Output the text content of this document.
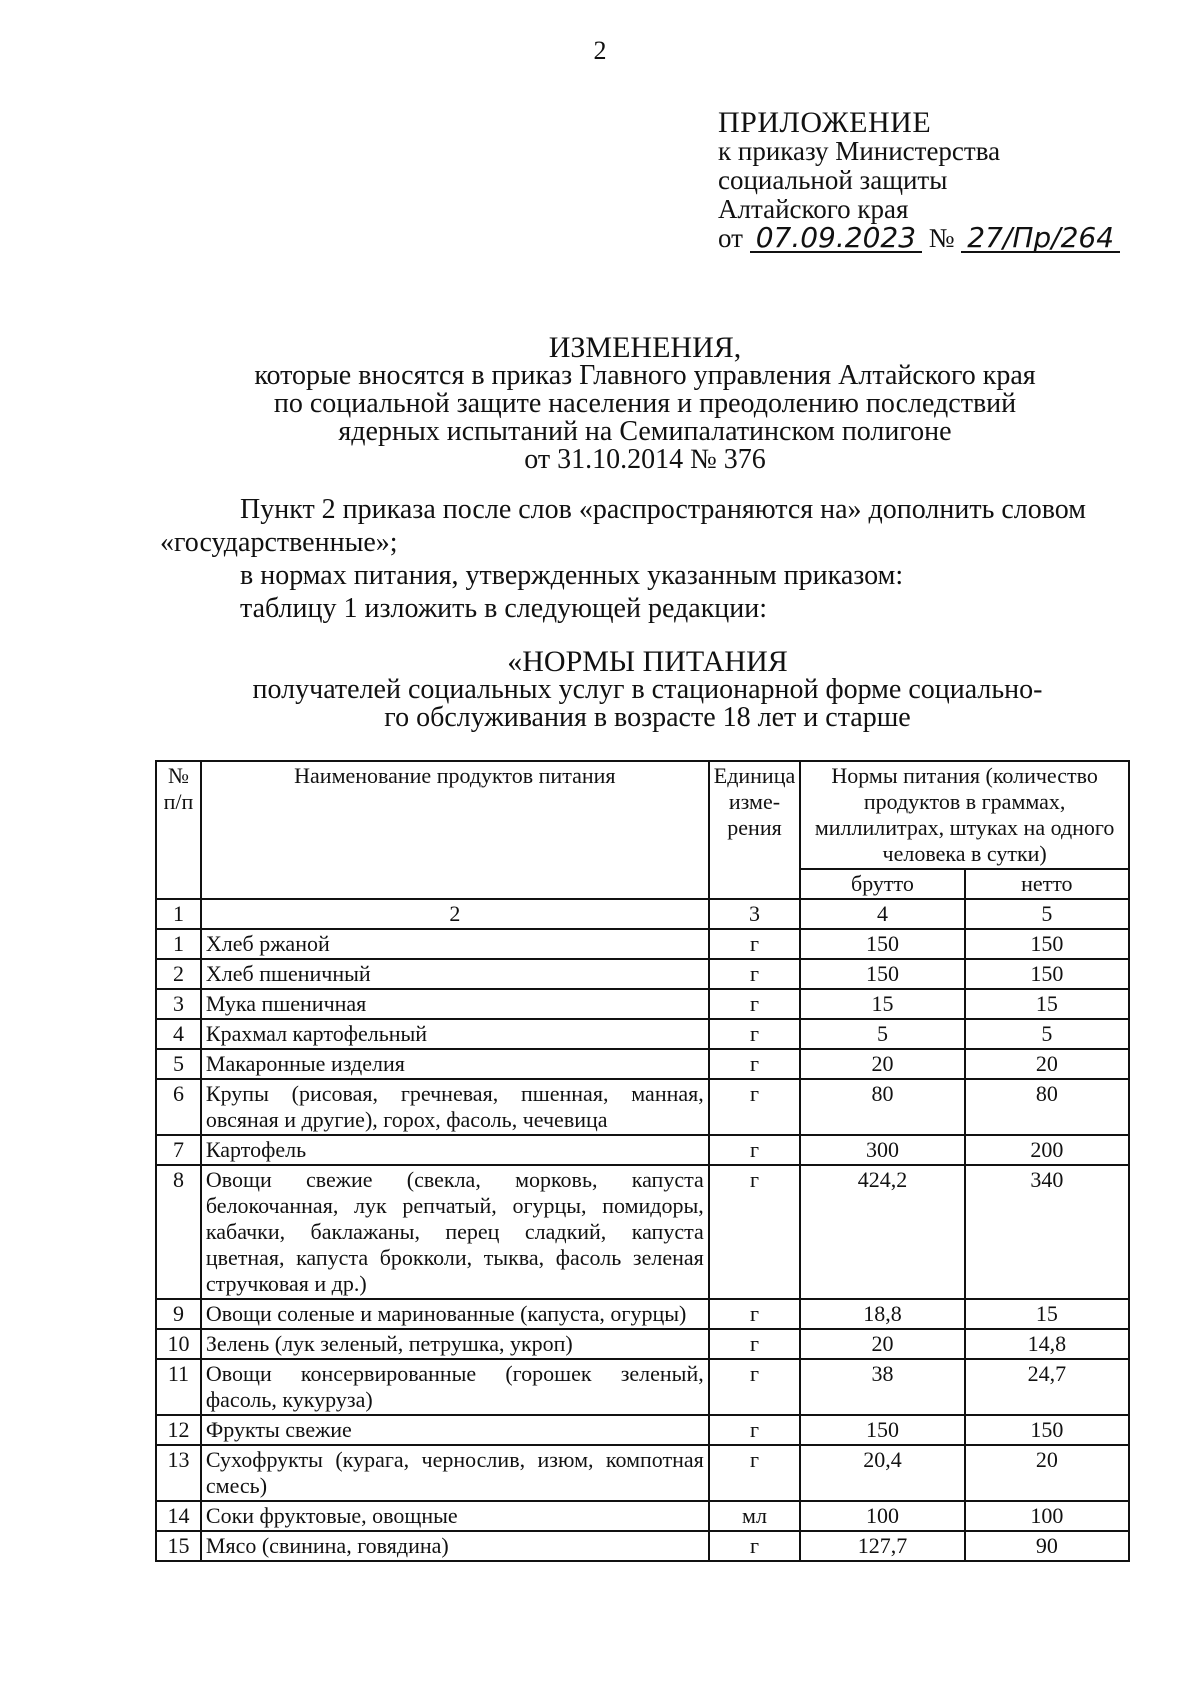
2
ПРИЛОЖЕНИЕ
к приказу Министерства
социальной защиты
Алтайского края
от 07.09.2023 № 27/Пр/264
ИЗМЕНЕНИЯ,
которые вносятся в приказ Главного управления Алтайского края
по социальной защите населения и преодолению последствий
ядерных испытаний на Семипалатинском полигоне
от 31.10.2014 № 376

Пункт 2 приказа после слов «распространяются на» дополнить словом «государственные»;

в нормах питания, утвержденных указанным приказом:

таблицу 1 изложить в следующей редакции:

«НОРМЫ ПИТАНИЯ
получателей социальных услуг в стационарной форме социально-
го обслуживания в возрасте 18 лет и старше
№ п/п	Наименование продуктов питания	Единица изме-рения	Нормы питания (количество продуктов в граммах, миллилитрах, штуках на одного человека в сутки)	
			брутто	нетто
1	2	3	4	5
1	Хлеб ржаной	г	150	150
2	Хлеб пшеничный	г	150	150
3	Мука пшеничная	г	15	15
4	Крахмал картофельный	г	5	5
5	Макаронные изделия	г	20	20
6	Крупы (рисовая, гречневая, пшенная, манная, овсяная и другие), горох, фасоль, чечевица	г	80	80
7	Картофель	г	300	200
8	Овощи свежие (свекла, морковь, капуста белокочанная, лук репчатый, огурцы, помидоры, кабачки, баклажаны, перец сладкий, капуста цветная, капуста брокколи, тыква, фасоль зеленая стручковая и др.)	г	424,2	340
9	Овощи соленые и маринованные (капуста, огурцы)	г	18,8	15
10	Зелень (лук зеленый, петрушка, укроп)	г	20	14,8
11	Овощи консервированные (горошек зеленый, фасоль, кукуруза)	г	38	24,7
12	Фрукты свежие	г	150	150
13	Сухофрукты (курага, чернослив, изюм, компотная смесь)	г	20,4	20
14	Соки фруктовые, овощные	мл	100	100
15	Мясо (свинина, говядина)	г	127,7	90
